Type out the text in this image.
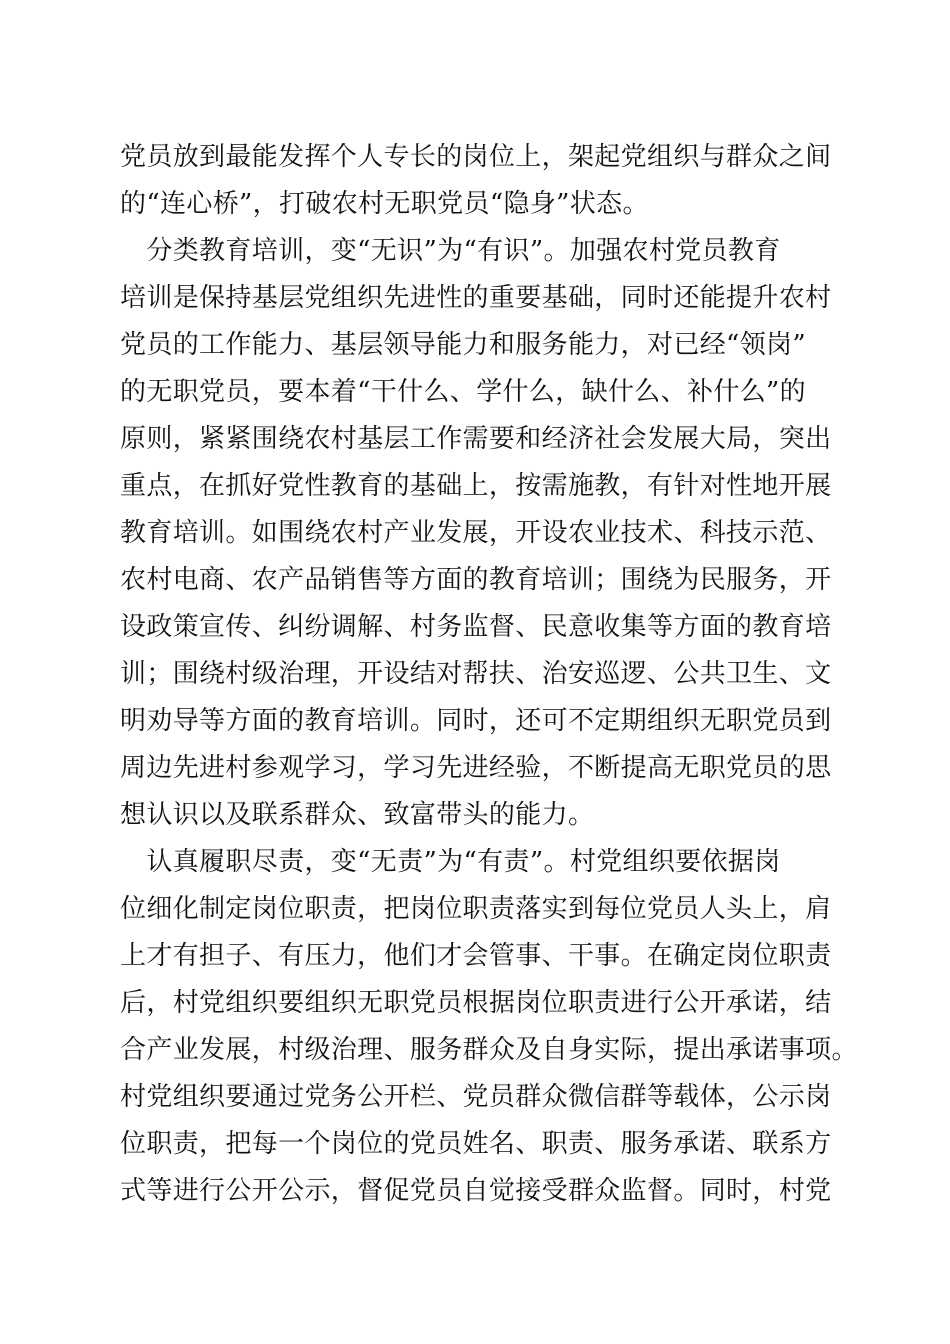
党员放到最能发挥个人专长的岗位上，架起党组织与群众之间
的“连心桥”，打破农村无职党员“隐身”状态。
　分类教育培训，变“无识”为“有识”。加强农村党员教育
培训是保持基层党组织先进性的重要基础，同时还能提升农村
党员的工作能力、基层领导能力和服务能力，对已经“领岗”
的无职党员，要本着“干什么、学什么，缺什么、补什么”的
原则，紧紧围绕农村基层工作需要和经济社会发展大局，突出
重点，在抓好党性教育的基础上，按需施教，有针对性地开展
教育培训。如围绕农村产业发展，开设农业技术、科技示范、
农村电商、农产品销售等方面的教育培训；围绕为民服务，开
设政策宣传、纠纷调解、村务监督、民意收集等方面的教育培
训；围绕村级治理，开设结对帮扶、治安巡逻、公共卫生、文
明劝导等方面的教育培训。同时，还可不定期组织无职党员到
周边先进村参观学习，学习先进经验，不断提高无职党员的思
想认识以及联系群众、致富带头的能力。
　认真履职尽责，变“无责”为“有责”。村党组织要依据岗
位细化制定岗位职责，把岗位职责落实到每位党员人头上，肩
上才有担子、有压力，他们才会管事、干事。在确定岗位职责
后，村党组织要组织无职党员根据岗位职责进行公开承诺，结
合产业发展，村级治理、服务群众及自身实际，提出承诺事项。
村党组织要通过党务公开栏、党员群众微信群等载体，公示岗
位职责，把每一个岗位的党员姓名、职责、服务承诺、联系方
式等进行公开公示，督促党员自觉接受群众监督。同时，村党
